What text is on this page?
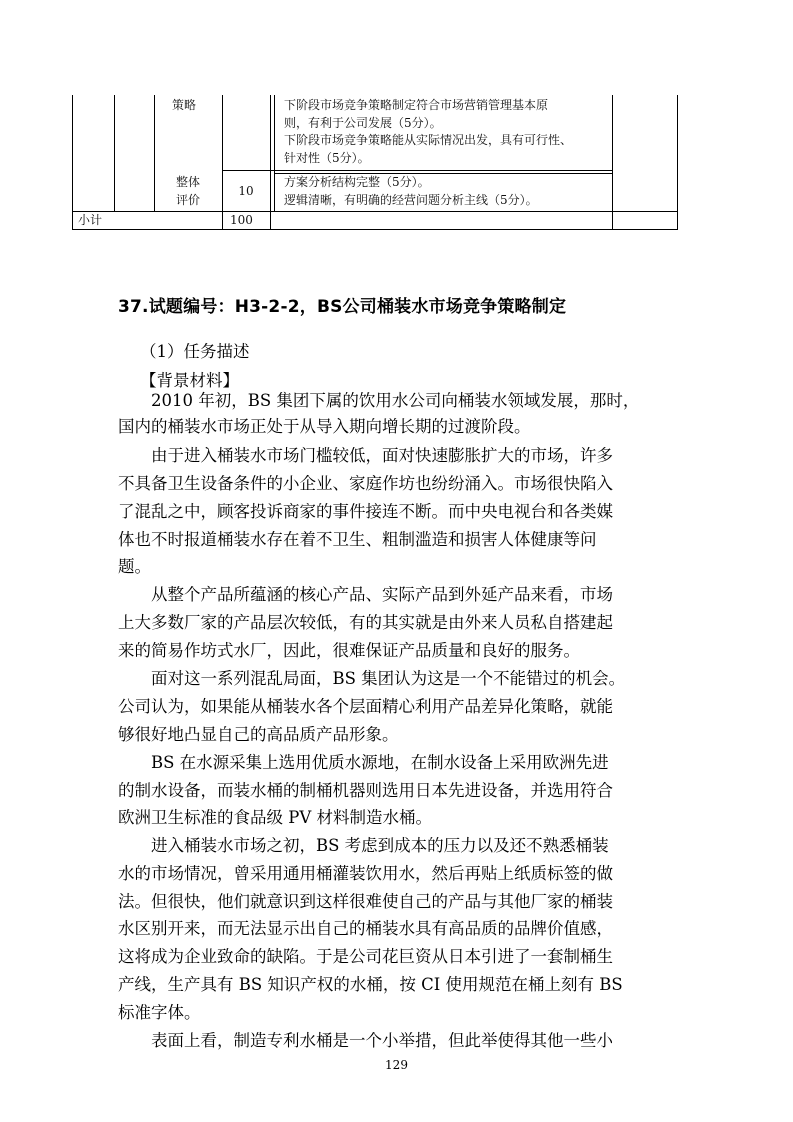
策略	下阶段市场竞争策略制定符合市场营销管理基本原
则，有利于公司发展（5分）。
下阶段市场竞争策略能从实际情况出发，具有可行性、
针对性（5分）。
整体
评价
10
方案分析结构完整（5分）。
逻辑清晰，有明确的经营问题分析主线（5分）。
小计	100
37.试题编号：H3-2-2，BS公司桶装水市场竞争策略制定
（1）任务描述
【背景材料】
　　2010 年初，BS 集团下属的饮用水公司向桶装水领域发展，那时，
国内的桶装水市场正处于从导入期向增长期的过渡阶段。
　　由于进入桶装水市场门槛较低，面对快速膨胀扩大的市场，许多
不具备卫生设备条件的小企业、家庭作坊也纷纷涌入。市场很快陷入
了混乱之中，顾客投诉商家的事件接连不断。而中央电视台和各类媒
体也不时报道桶装水存在着不卫生、粗制滥造和损害人体健康等问
题。
　　从整个产品所蕴涵的核心产品、实际产品到外延产品来看，市场
上大多数厂家的产品层次较低，有的其实就是由外来人员私自搭建起
来的简易作坊式水厂，因此，很难保证产品质量和良好的服务。
　　面对这一系列混乱局面，BS 集团认为这是一个不能错过的机会。
公司认为，如果能从桶装水各个层面精心利用产品差异化策略，就能
够很好地凸显自己的高品质产品形象。
　　BS 在水源采集上选用优质水源地，在制水设备上采用欧洲先进
的制水设备，而装水桶的制桶机器则选用日本先进设备，并选用符合
欧洲卫生标准的食品级 PV 材料制造水桶。
　　进入桶装水市场之初，BS 考虑到成本的压力以及还不熟悉桶装
水的市场情况，曾采用通用桶灌装饮用水，然后再贴上纸质标签的做
法。但很快，他们就意识到这样很难使自己的产品与其他厂家的桶装
水区别开来，而无法显示出自己的桶装水具有高品质的品牌价值感，
这将成为企业致命的缺陷。于是公司花巨资从日本引进了一套制桶生
产线，生产具有 BS 知识产权的水桶，按 CI 使用规范在桶上刻有 BS
标准字体。
　　表面上看，制造专利水桶是一个小举措，但此举使得其他一些小
129
